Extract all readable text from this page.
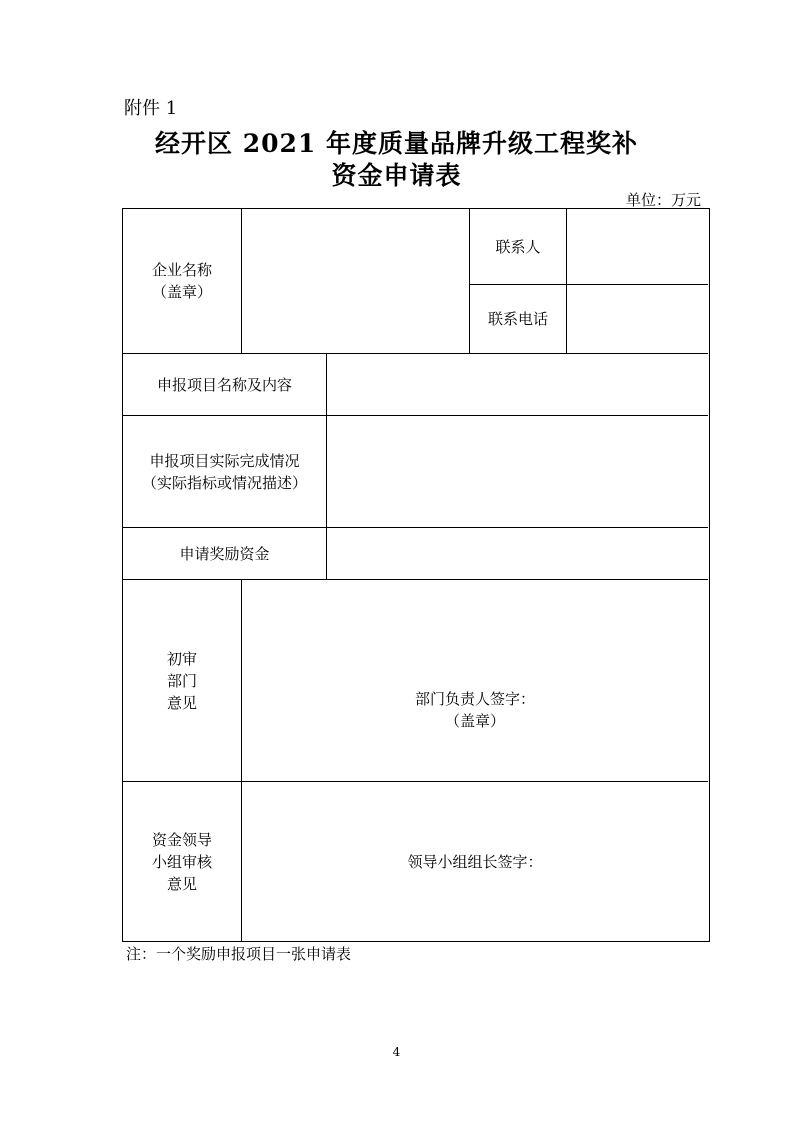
附件 1
经开区 2021 年度质量品牌升级工程奖补
资金申请表
单位：万元
企业名称
（盖章）
联系人
联系电话
申报项目名称及内容
申报项目实际完成情况
（实际指标或情况描述）
申请奖励资金
初审
部门
意见	部门负责人签字：
（盖章）
资金领导
小组审核
意见
领导小组组长签字：
注：一个奖励申报项目一张申请表
4
